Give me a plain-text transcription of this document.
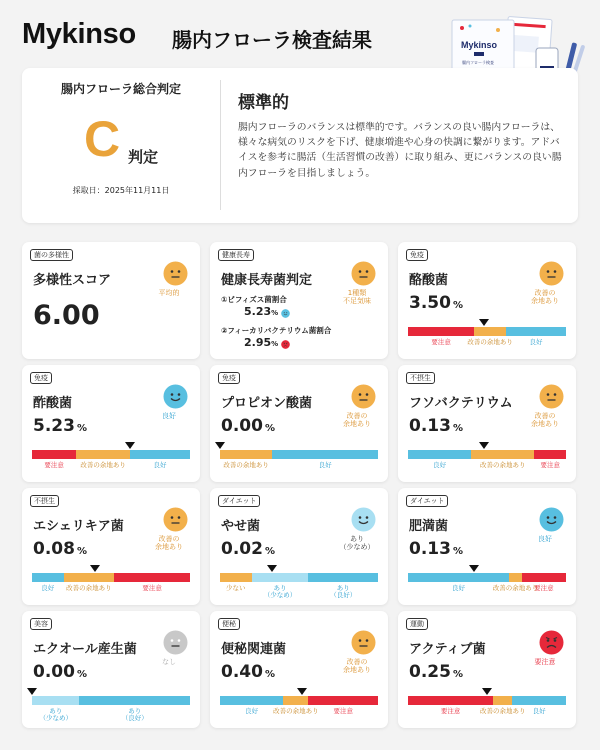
Mykinso 腸内フローラ検査結果	Mykinso
腸内フローラ検査
腸内フローラ総合判定
C 判定
採取日：2025年11月11日
標準的
腸内フローラのバランスは標準的です。バランスの良い腸内フローラは、様々な病気のリスクを下げ、健康増進や心身の快調に繋がります。アドバイスを参考に腸活（生活習慣の改善）に取り組み、更にバランスの良い腸内フローラを目指しましょう。
菌の多様性
多様性スコア
平均的
6.00
健康長寿
健康長寿菌判定
1種類
不足気味
①ビフィズス菌割合
5.23%
②フィーカリバクテリウム菌割合
2.95%
免疫
酪酸菌
改善の
余地あり
3.50 %
要注意	改善の余地あり	良好
免疫
酢酸菌
良好
5.23 %
要注意	改善の余地あり	良好
免疫
プロピオン酸菌
改善の
余地あり
0.00 %
改善の余地あり	良好
不摂生
フソバクテリウム
改善の
余地あり
0.13 %
良好	改善の余地あり 要注意
不摂生
エシェリキア菌
改善の
余地あり
0.08 %
良好 改善の余地あり	要注意
ダイエット
やせ菌
あり
（少なめ）
0.02 %
少ない	あり
（少なめ）
あり
（良好）
ダイエット
肥満菌
良好
0.13 %
良好	改善の余地あり
要注意
美容
エクオール産生菌
なし
0.00 %
あり
（少なめ）
あり
（良好）
便秘
便秘関連菌
改善の
余地あり
0.40 %
良好 改善の余地あり 要注意
運動
アクティブ菌
要注意
0.25 %
要注意	改善の余地あり 良好
